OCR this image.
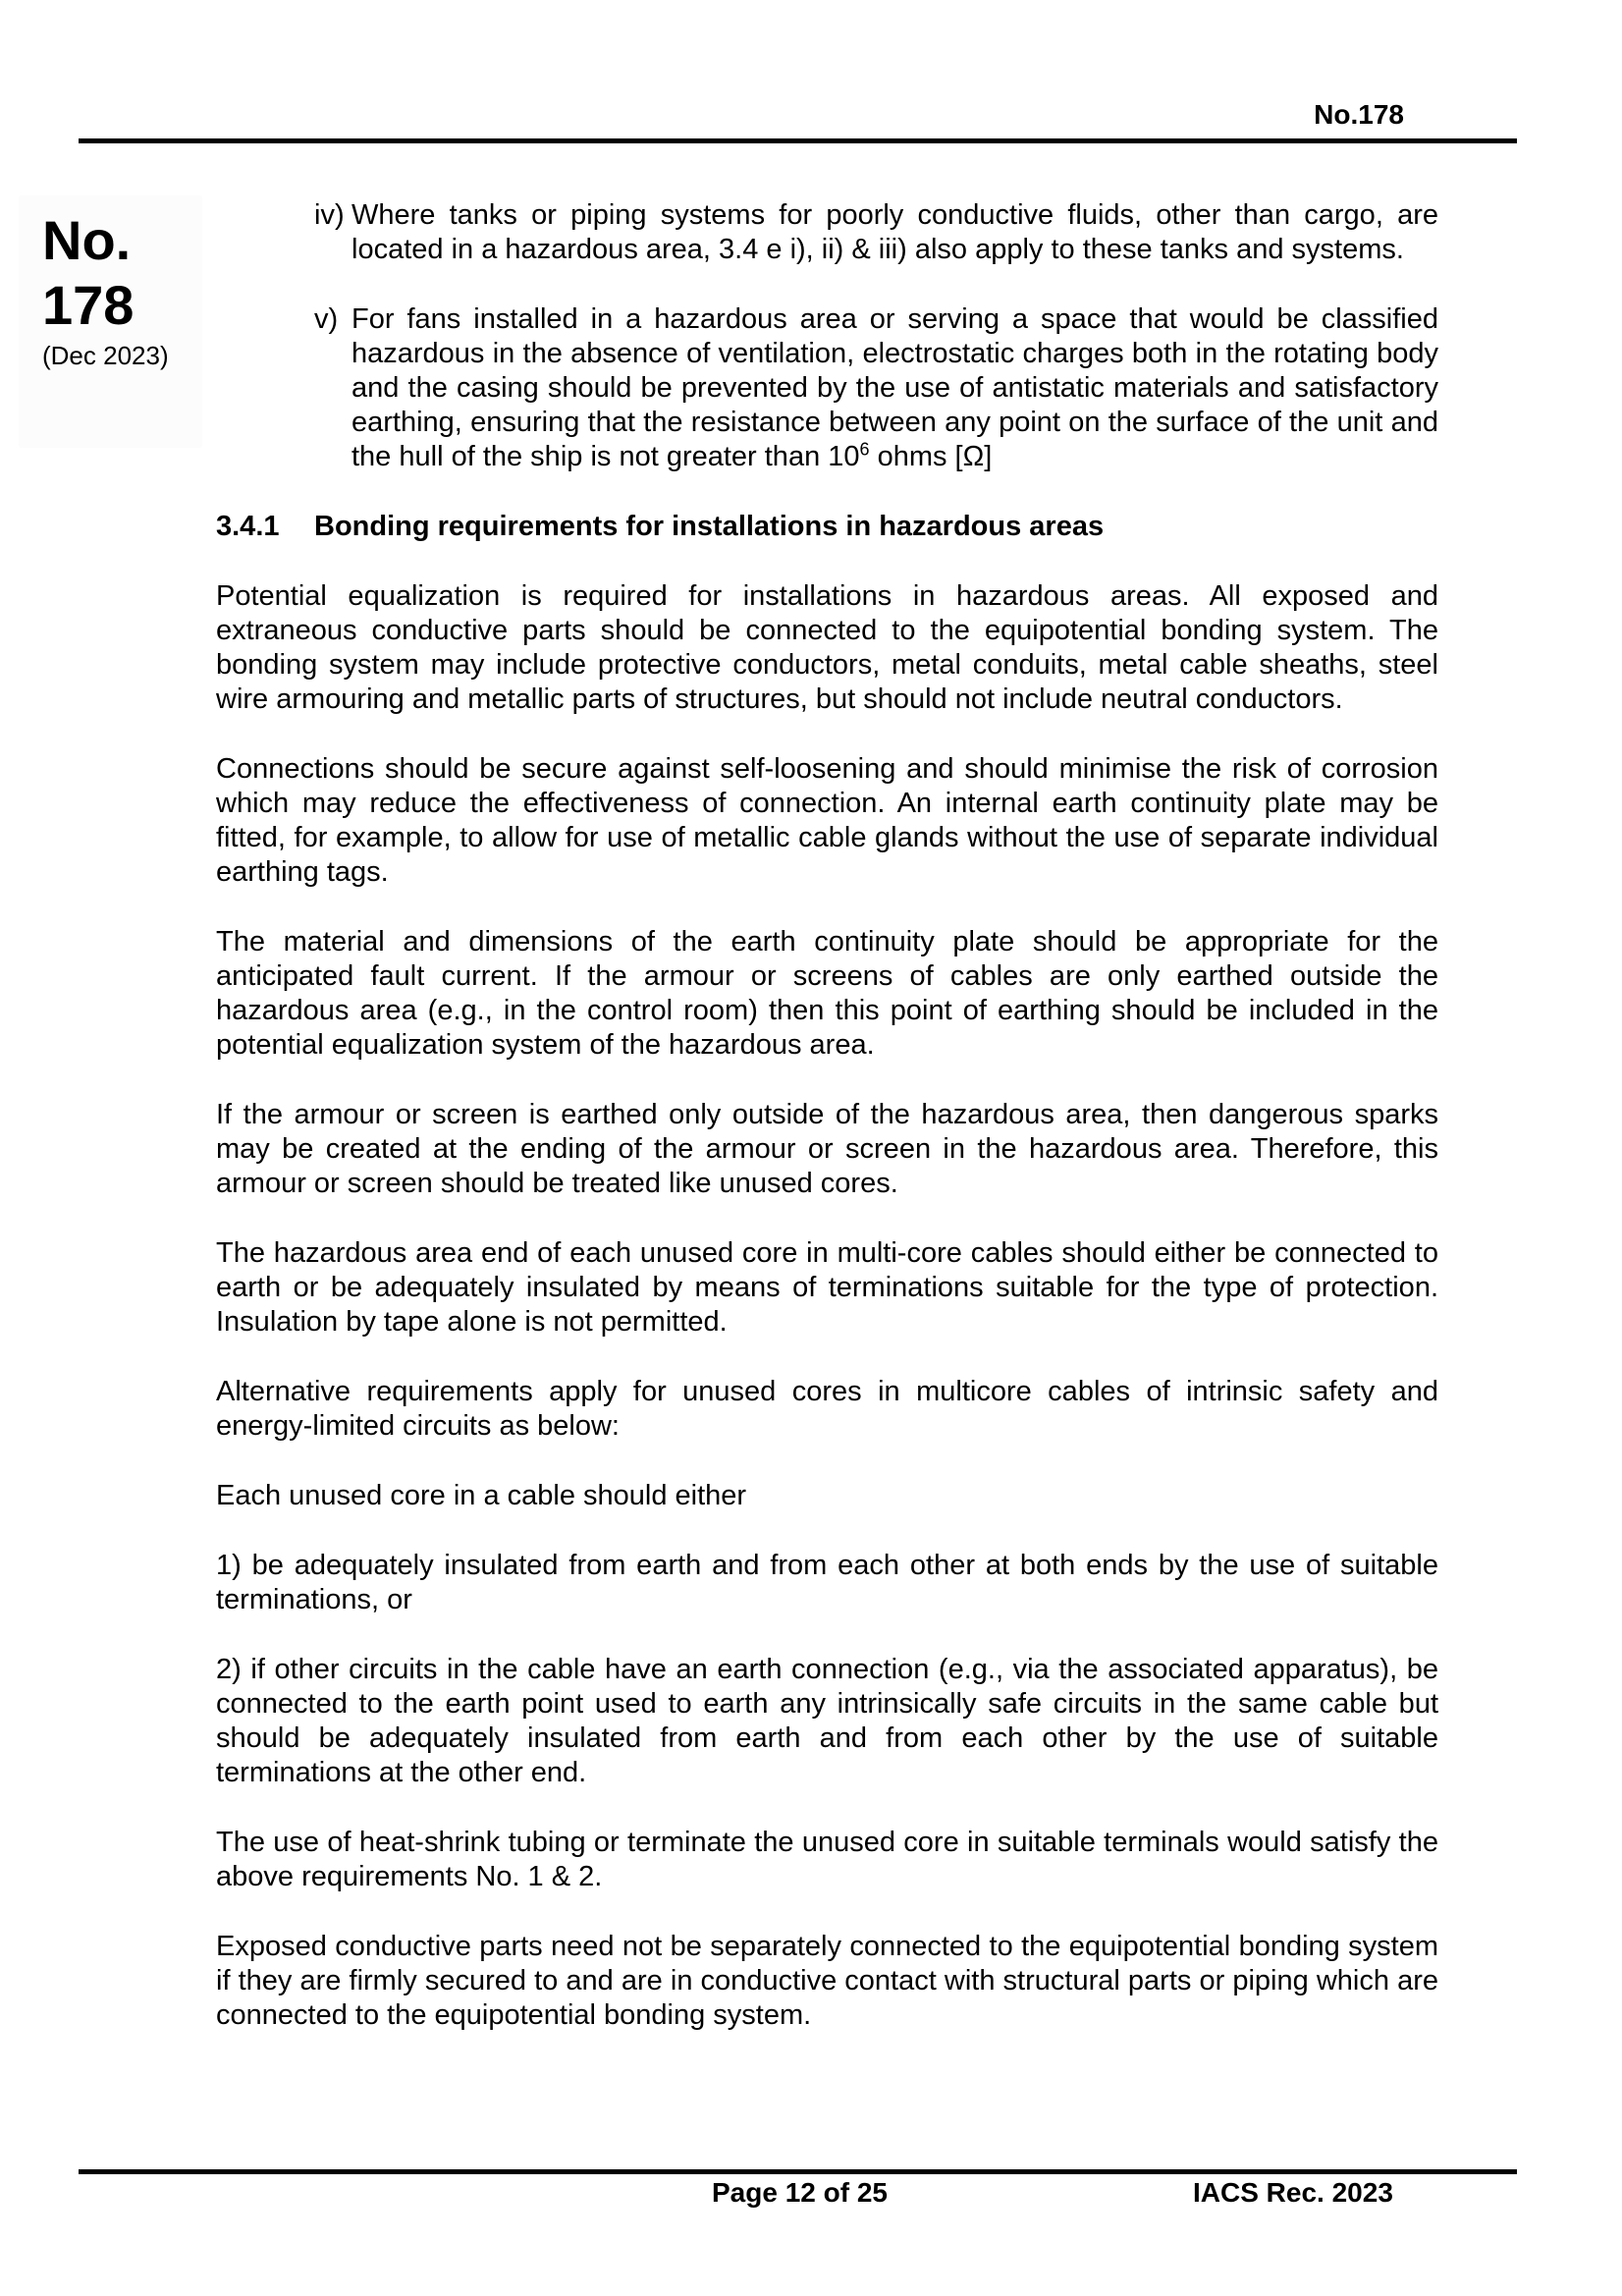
No.178
No.
178
(Dec 2023)
iv) Where tanks or piping systems for poorly conductive fluids, other than cargo, are located in a hazardous area, 3.4 e i), ii) & iii) also apply to these tanks and systems.
v) For fans installed in a hazardous area or serving a space that would be classified hazardous in the absence of ventilation, electrostatic charges both in the rotating body and the casing should be prevented by the use of antistatic materials and satisfactory earthing, ensuring that the resistance between any point on the surface of the unit and the hull of the ship is not greater than $10^6$ ohms [Ω]
3.4.1 Bonding requirements for installations in hazardous areas

Potential equalization is required for installations in hazardous areas. All exposed and extraneous conductive parts should be connected to the equipotential bonding system. The bonding system may include protective conductors, metal conduits, metal cable sheaths, steel wire armouring and metallic parts of structures, but should not include neutral conductors.

Connections should be secure against self-loosening and should minimise the risk of corrosion which may reduce the effectiveness of connection. An internal earth continuity plate may be fitted, for example, to allow for use of metallic cable glands without the use of separate individual earthing tags.

The material and dimensions of the earth continuity plate should be appropriate for the anticipated fault current. If the armour or screens of cables are only earthed outside the hazardous area (e.g., in the control room) then this point of earthing should be included in the potential equalization system of the hazardous area.

If the armour or screen is earthed only outside of the hazardous area, then dangerous sparks may be created at the ending of the armour or screen in the hazardous area. Therefore, this armour or screen should be treated like unused cores.

The hazardous area end of each unused core in multi-core cables should either be connected to earth or be adequately insulated by means of terminations suitable for the type of protection. Insulation by tape alone is not permitted.

Alternative requirements apply for unused cores in multicore cables of intrinsic safety and energy-limited circuits as below:

Each unused core in a cable should either

1) be adequately insulated from earth and from each other at both ends by the use of suitable terminations, or

2) if other circuits in the cable have an earth connection (e.g., via the associated apparatus), be connected to the earth point used to earth any intrinsically safe circuits in the same cable but should be adequately insulated from earth and from each other by the use of suitable terminations at the other end.

The use of heat-shrink tubing or terminate the unused core in suitable terminals would satisfy the above requirements No. 1 & 2.

Exposed conductive parts need not be separately connected to the equipotential bonding system if they are firmly secured to and are in conductive contact with structural parts or piping which are connected to the equipotential bonding system.

Page 12 of 25	IACS Rec. 2023
